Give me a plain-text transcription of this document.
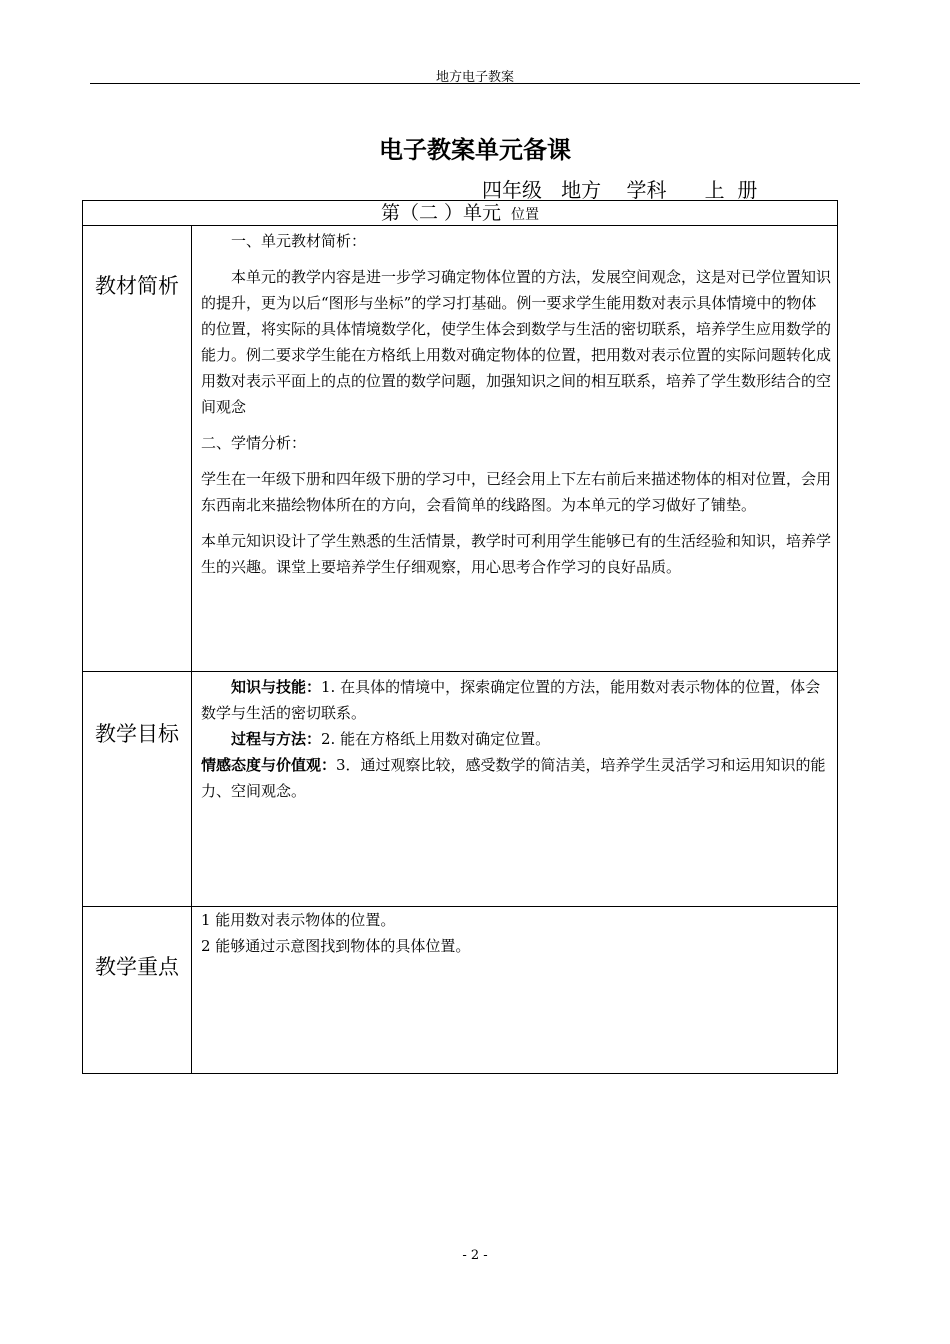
地方电子教案
电子教案单元备课
四年级   地方    学科      上  册
第（二 ）单元 位置
教材简析

一、单元教材简析：

本单元的教学内容是进一步学习确定物体位置的方法，发展空间观念，这是对已学位置知识的提升，更为以后“图形与坐标”的学习打基础。例一要求学生能用数对表示具体情境中的物体的位置，将实际的具体情境数学化，使学生体会到数学与生活的密切联系，培养学生应用数学的能力。例二要求学生能在方格纸上用数对确定物体的位置，把用数对表示位置的实际问题转化成用数对表示平面上的点的位置的数学问题，加强知识之间的相互联系，培养了学生数形结合的空间观念

二、学情分析：

学生在一年级下册和四年级下册的学习中，已经会用上下左右前后来描述物体的相对位置，会用东西南北来描绘物体所在的方向，会看简单的线路图。为本单元的学习做好了铺垫。

本单元知识设计了学生熟悉的生活情景，教学时可利用学生能够已有的生活经验和知识，培养学生的兴趣。课堂上要培养学生仔细观察，用心思考合作学习的良好品质。

教学目标

知识与技能：1. 在具体的情境中，探索确定位置的方法，能用数对表示物体的位置，体会数学与生活的密切联系。

过程与方法：2. 能在方格纸上用数对确定位置。

情感态度与价值观：3．通过观察比较，感受数学的简洁美，培养学生灵活学习和运用知识的能力、空间观念。

教学重点

1 能用数对表示物体的位置。

2 能够通过示意图找到物体的具体位置。

- 2 -
